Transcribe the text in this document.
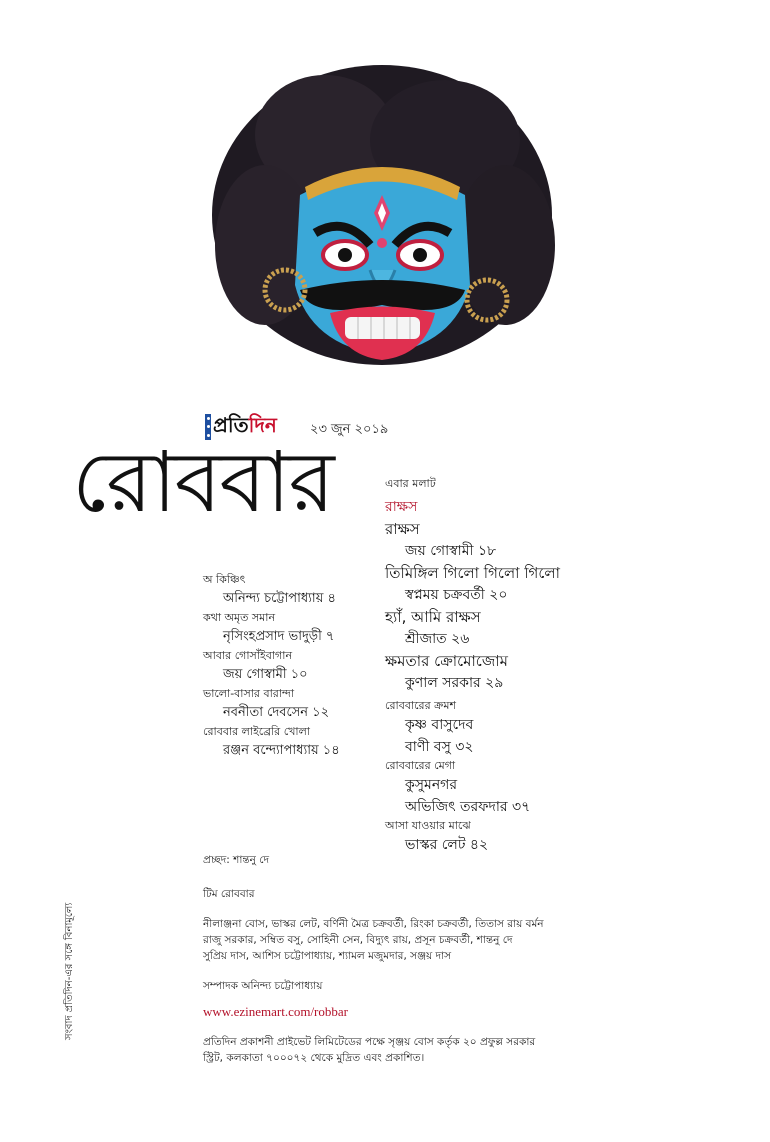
প্রতি দিন	২৩ জুন ২০১৯
রোববার
অ কিঞ্চিৎ
অনিন্দ্য চট্টোপাধ্যায় ৪
কথা অমৃত সমান
নৃসিংহপ্রসাদ ভাদুড়ী ৭
আবার গোসাঁইবাগান
জয় গোস্বামী ১০
ভালো-বাসার বারান্দা
নবনীতা দেবসেন ১২
রোববার লাইব্রেরি খোলা
রঞ্জন বন্দ্যোপাধ্যায় ১৪
এবার মলাট
রাক্ষস
রাক্ষস
জয় গোস্বামী ১৮
তিমিঙ্গিল গিলো গিলো গিলো
স্বপ্নময় চক্রবর্তী ২০
হ্যাঁ, আমি রাক্ষস
শ্রীজাত ২৬
ক্ষমতার ক্রোমোজোম
কুণাল সরকার ২৯
রোববারের ক্রমশ
কৃষ্ণ বাসুদেব
বাণী বসু ৩২
রোববারের মেগা
কুসুমনগর
অভিজিৎ তরফদার ৩৭
আসা যাওয়ার মাঝে
ভাস্কর লেট ৪২
প্রচ্ছদ: শান্তনু দে
টিম রোববার
নীলাঞ্জনা বোস, ভাস্কর লেট, বর্ণিনী মৈত্র চক্রবর্তী, রিংকা চক্রবর্তী, তিতাস রায় বর্মন
রাজু সরকার, সম্বিত বসু, সোহিনী সেন, বিদ্যুৎ রায়, প্রসূন চক্রবর্তী, শান্তনু দে
সুপ্রিয় দাস, আশিস চট্টোপাধ্যায়, শ্যামল মজুমদার, সঞ্জয় দাস
সম্পাদক অনিন্দ্য চট্টোপাধ্যায়
www.ezinemart.com/robbar
প্রতিদিন প্রকাশনী প্রাইভেট লিমিটেডের পক্ষে সৃঞ্জয় বোস কর্তৃক ২০ প্রফুল্ল সরকার
স্ট্রিট, কলকাতা ৭০০০৭২ থেকে মুদ্রিত এবং প্রকাশিত।
সংবাদ প্রতিদিন-এর সঙ্গে বিনামূল্যে
